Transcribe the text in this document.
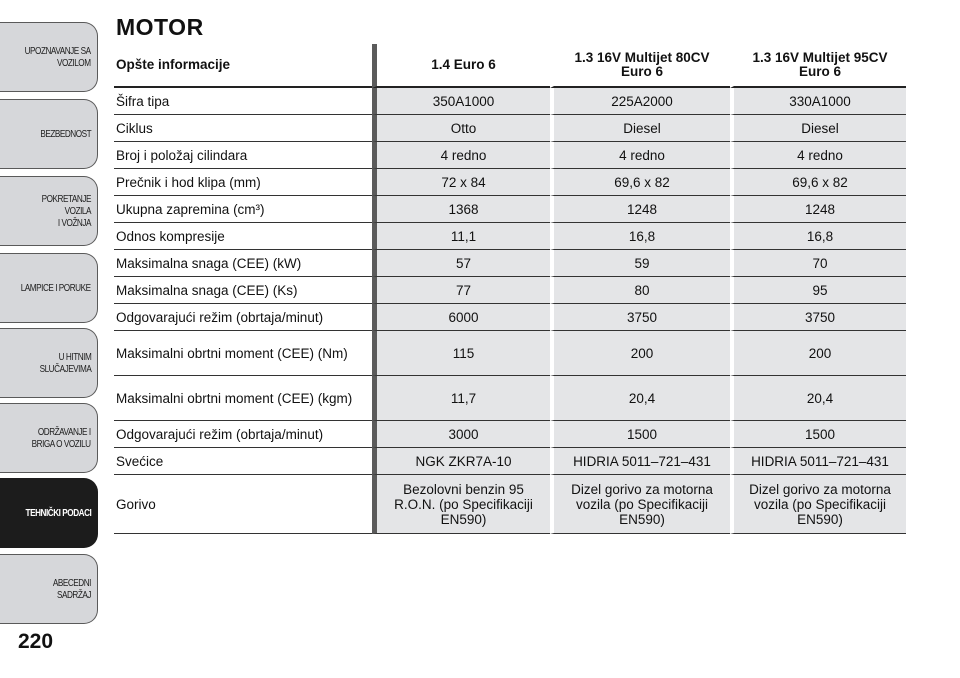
UPOZNAVANJE SA
VOZILOM
BEZBEDNOST
POKRETANJE VOZILA
I VOŽNJA
LAMPICE I PORUKE
U HITNIM
SLUČAJEVIMA
ODRŽAVANJE I
BRIGA O VOZILU
TEHNIČKI PODACI
ABECEDNI SADRŽAJ
220
MOTOR
Opšte informacije	1.4 Euro 6	1.3 16V Multijet 80CV Euro 6	1.3 16V Multijet 95CV Euro 6
Šifra tipa	350A1000	225A2000	330A1000
Ciklus	Otto	Diesel	Diesel
Broj i položaj cilindara	4 redno	4 redno	4 redno
Prečnik i hod klipa (mm)	72 x 84	69,6 x 82	69,6 x 82
Ukupna zapremina (cm³)	1368	1248	1248
Odnos kompresije	11,1	16,8	16,8
Maksimalna snaga (CEE) (kW)	57	59	70
Maksimalna snaga (CEE) (Ks)	77	80	95
Odgovarajući režim (obrtaja/minut)	6000	3750	3750
Maksimalni obrtni moment (CEE) (Nm)	115	200	200
Maksimalni obrtni moment (CEE) (kgm)	11,7	20,4	20,4
Odgovarajući režim (obrtaja/minut)	3000	1500	1500
Svećice	NGK ZKR7A-10	HIDRIA 5011–721–431	HIDRIA 5011–721–431
Gorivo	Bezolovni benzin 95 R.O.N. (po Specifikaciji EN590)	Dizel gorivo za motorna vozila (po Specifikaciji EN590)	Dizel gorivo za motorna vozila (po Specifikaciji EN590)
